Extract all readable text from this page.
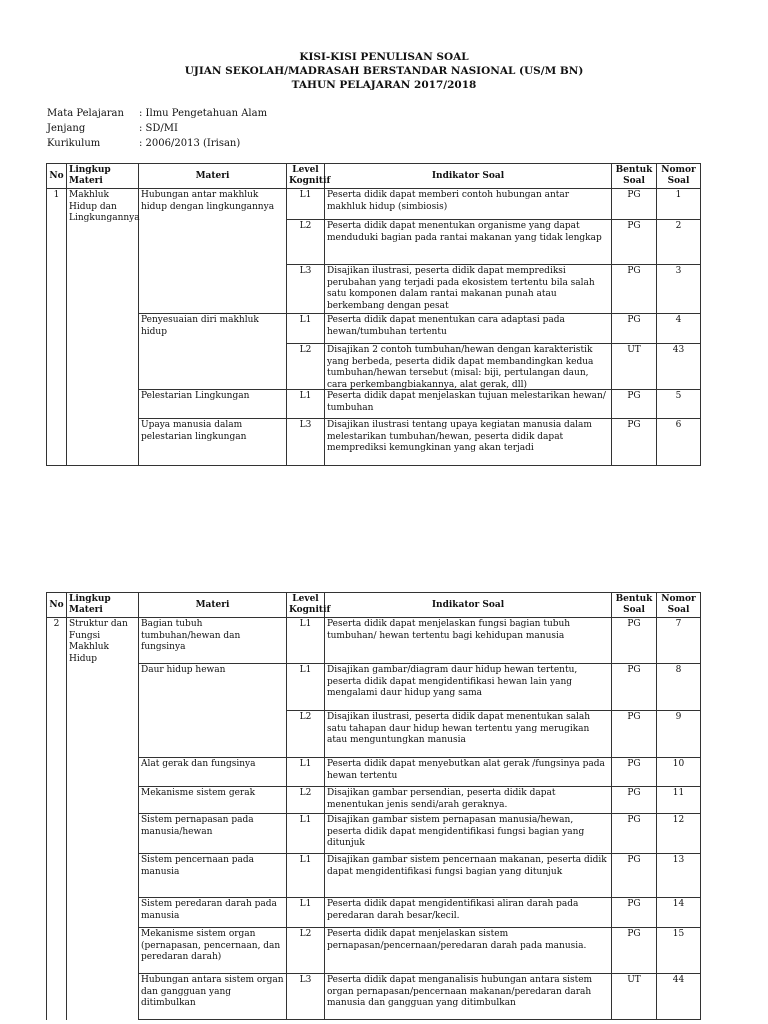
KISI-KISI PENULISAN SOAL
UJIAN SEKOLAH/MADRASAH BERSTANDAR NASIONAL (US/M BN)
TAHUN PELAJARAN 2017/2018
Mata Pelajaran : Ilmu Pengetahuan Alam
Jenjang	: SD/MI
Kurikulum	: 2006/2013 (Irisan)
No	Lingkup Materi	Materi	Level Kognitif	Indikator Soal	Bentuk Soal	Nomor Soal
1	Makhluk Hidup dan Lingkungannya	Hubungan antar makhluk hidup dengan lingkungannya	L1	Peserta didik dapat memberi contoh hubungan antar makhluk hidup (simbiosis)	PG	1
			L2	Peserta didik dapat menentukan organisme yang dapat menduduki bagian pada rantai makanan yang tidak lengkap	PG	2
			L3	Disajikan ilustrasi, peserta didik dapat memprediksi perubahan yang terjadi pada ekosistem tertentu bila salah satu komponen dalam rantai makanan punah atau berkembang dengan pesat	PG	3
		Penyesuaian diri makhluk hidup	L1	Peserta didik dapat menentukan cara adaptasi pada hewan/tumbuhan tertentu	PG	4
			L2	Disajikan 2 contoh tumbuhan/hewan dengan karakteristik yang berbeda, peserta didik dapat membandingkan kedua tumbuhan/hewan tersebut (misal: biji, pertulangan daun, cara perkembangbiakannya, alat gerak, dll)	UT	43
		Pelestarian Lingkungan	L1	Peserta didik dapat menjelaskan tujuan melestarikan hewan/ tumbuhan	PG	5
		Upaya manusia dalam pelestarian lingkungan	L3	Disajikan ilustrasi tentang upaya kegiatan manusia dalam melestarikan tumbuhan/hewan, peserta didik dapat memprediksi kemungkinan yang akan terjadi	PG	6
No	Lingkup Materi	Materi	Level Kognitif	Indikator Soal	Bentuk Soal	Nomor Soal
2	Struktur dan Fungsi Makhluk Hidup	Bagian tubuh tumbuhan/hewan dan fungsinya	L1	Peserta didik dapat menjelaskan fungsi bagian tubuh tumbuhan/ hewan tertentu bagi kehidupan manusia	PG	7
		Daur hidup hewan	L1	Disajikan gambar/diagram daur hidup hewan tertentu, peserta didik dapat mengidentifikasi hewan lain yang mengalami daur hidup yang sama	PG	8
			L2	Disajikan ilustrasi, peserta didik dapat menentukan salah satu tahapan daur hidup hewan tertentu yang merugikan atau menguntungkan manusia	PG	9
		Alat gerak dan fungsinya	L1	Peserta didik dapat menyebutkan alat gerak /fungsinya pada hewan tertentu	PG	10
		Mekanisme sistem gerak	L2	Disajikan gambar persendian, peserta didik dapat menentukan jenis sendi/arah geraknya.	PG	11
		Sistem pernapasan pada manusia/hewan	L1	Disajikan gambar sistem pernapasan manusia/hewan, peserta didik dapat mengidentifikasi fungsi bagian yang ditunjuk	PG	12
		Sistem pencernaan pada manusia	L1	Disajikan gambar sistem pencernaan makanan, peserta didik dapat mengidentifikasi fungsi bagian yang ditunjuk	PG	13
		Sistem peredaran darah pada manusia	L1	Peserta didik dapat mengidentifikasi aliran darah pada peredaran darah besar/kecil.	PG	14
		Mekanisme sistem organ (pernapasan, pencernaan, dan peredaran darah)	L2	Peserta didik dapat menjelaskan sistem pernapasan/pencernaan/peredaran darah pada manusia.	PG	15
		Hubungan antara sistem organ dan gangguan yang ditimbulkan	L3	Peserta didik dapat menganalisis hubungan antara sistem organ pernapasan/pencernaan makanan/peredaran darah manusia dan gangguan yang ditimbulkan	UT	44
